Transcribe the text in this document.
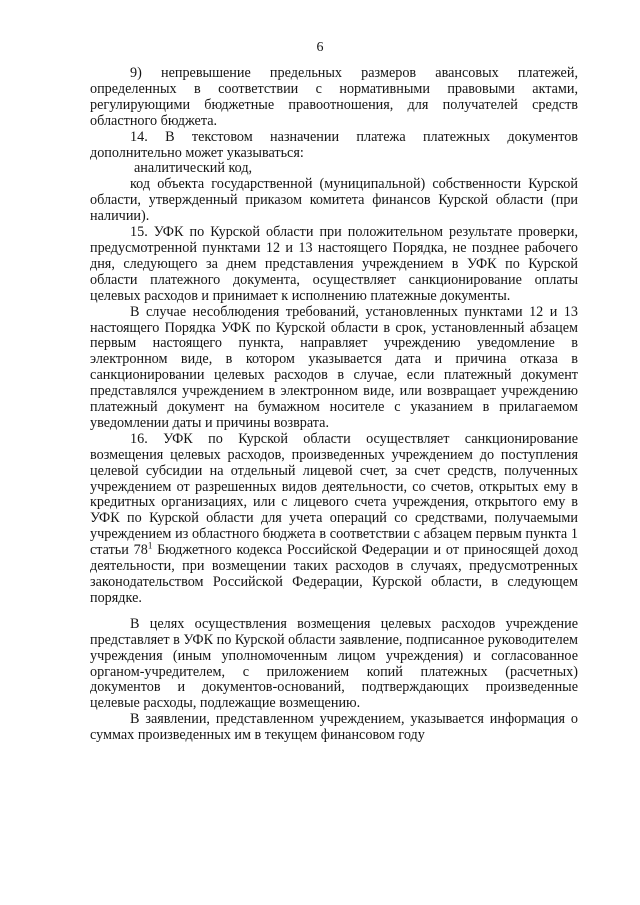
6

9) непревышение предельных размеров авансовых платежей, определенных в соответствии с нормативными правовыми актами, регулирующими бюджетные правоотношения, для получателей средств областного бюджета.

14. В текстовом назначении платежа платежных документов дополнительно может указываться:

аналитический код,

код объекта государственной (муниципальной) собственности Курской области, утвержденный приказом комитета финансов Курской области (при наличии).

15. УФК по Курской области при положительном результате проверки, предусмотренной пунктами 12 и 13 настоящего Порядка, не позднее рабочего дня, следующего за днем представления учреждением в УФК по Курской области платежного документа, осуществляет санкционирование оплаты целевых расходов и принимает к исполнению платежные документы.

В случае несоблюдения требований, установленных пунктами 12 и 13 настоящего Порядка УФК по Курской области в срок, установленный абзацем первым настоящего пункта, направляет учреждению уведомление в электронном виде, в котором указывается дата и причина отказа в санкционировании целевых расходов в случае, если платежный документ представлялся учреждением в электронном виде, или возвращает учреждению платежный документ на бумажном носителе с указанием в прилагаемом уведомлении даты и причины возврата.

16. УФК по Курской области осуществляет санкционирование возмещения целевых расходов, произведенных учреждением до поступления целевой субсидии на отдельный лицевой счет, за счет средств, полученных учреждением от разрешенных видов деятельности, со счетов, открытых ему в кредитных организациях, или с лицевого счета учреждения, открытого ему в УФК по Курской области для учета операций со средствами, получаемыми учреждением из областного бюджета в соответствии с абзацем первым пункта 1 статьи $78^1$ Бюджетного кодекса Российской Федерации и от приносящей доход деятельности, при возмещении таких расходов в случаях, предусмотренных законодательством Российской Федерации, Курской области, в следующем порядке.

В целях осуществления возмещения целевых расходов учреждение представляет в УФК по Курской области заявление, подписанное руководителем учреждения (иным уполномоченным лицом учреждения) и согласованное органом-учредителем, с приложением копий платежных (расчетных) документов и документов-оснований, подтверждающих произведенные целевые расходы, подлежащие возмещению.

В заявлении, представленном учреждением, указывается информация о суммах произведенных им в текущем финансовом году
